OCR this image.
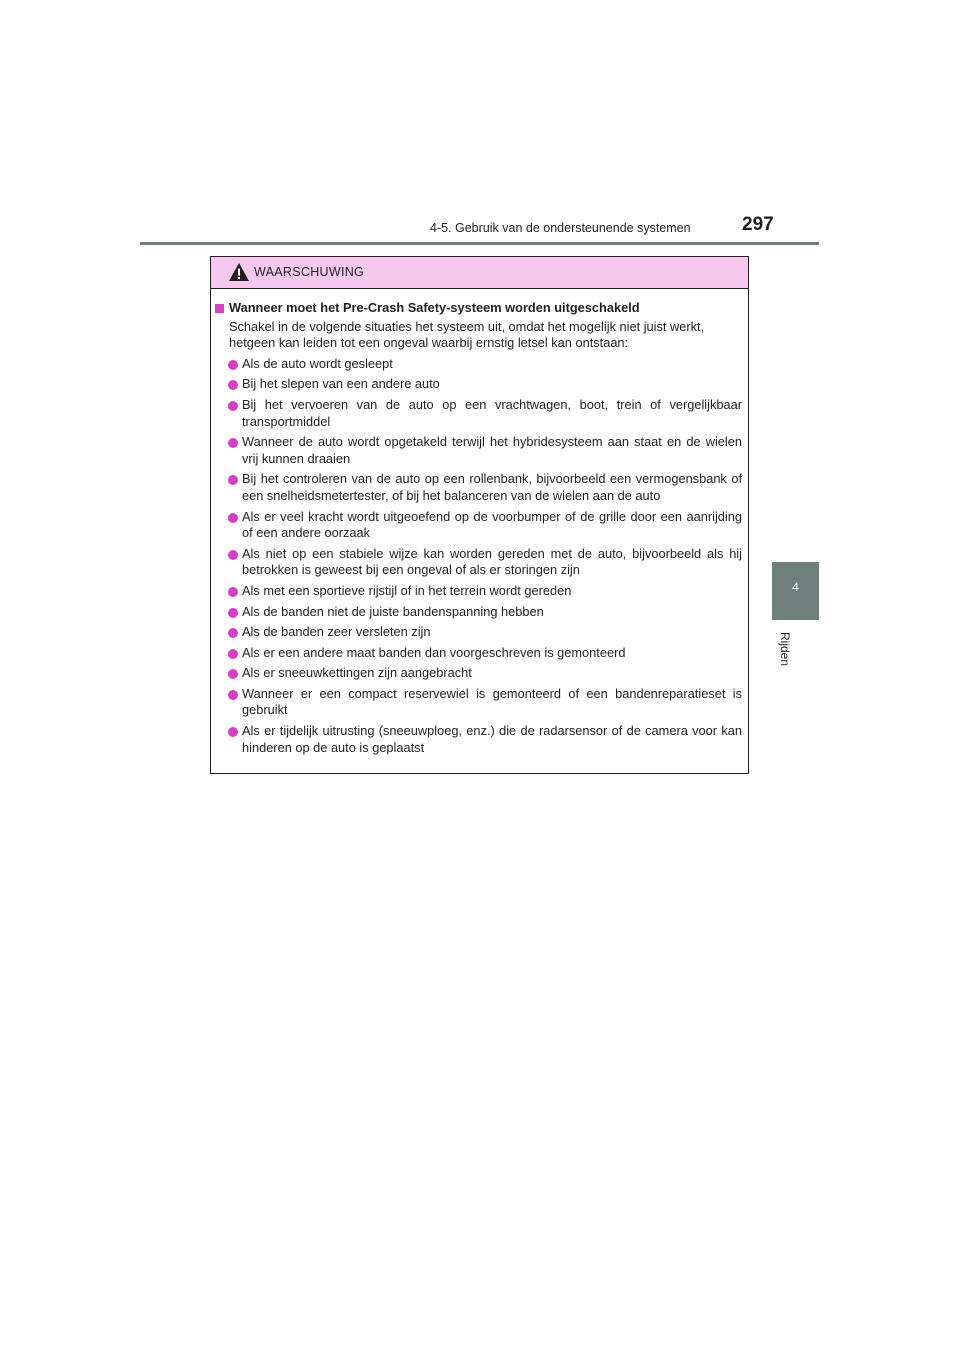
4-5. Gebruik van de ondersteunende systemen	297
4
Rijden
WAARSCHUWING
Wanneer moet het Pre-Crash Safety-systeem worden uitgeschakeld
Schakel in de volgende situaties het systeem uit, omdat het mogelijk niet juist werkt, hetgeen kan leiden tot een ongeval waarbij ernstig letsel kan ontstaan:
Als de auto wordt gesleept
Bij het slepen van een andere auto
Bij het vervoeren van de auto op een vrachtwagen, boot, trein of vergelijkbaar transportmiddel
Wanneer de auto wordt opgetakeld terwijl het hybridesysteem aan staat en de wielen vrij kunnen draaien
Bij het controleren van de auto op een rollenbank, bijvoorbeeld een vermogensbank of een snelheidsmetertester, of bij het balanceren van de wielen aan de auto
Als er veel kracht wordt uitgeoefend op de voorbumper of de grille door een aanrijding of een andere oorzaak
Als niet op een stabiele wijze kan worden gereden met de auto, bijvoorbeeld als hij betrokken is geweest bij een ongeval of als er storingen zijn
Als met een sportieve rijstijl of in het terrein wordt gereden
Als de banden niet de juiste bandenspanning hebben
Als de banden zeer versleten zijn
Als er een andere maat banden dan voorgeschreven is gemonteerd
Als er sneeuwkettingen zijn aangebracht
Wanneer er een compact reservewiel is gemonteerd of een bandenreparatieset is gebruikt
Als er tijdelijk uitrusting (sneeuwploeg, enz.) die de radarsensor of de camera voor kan hinderen op de auto is geplaatst
